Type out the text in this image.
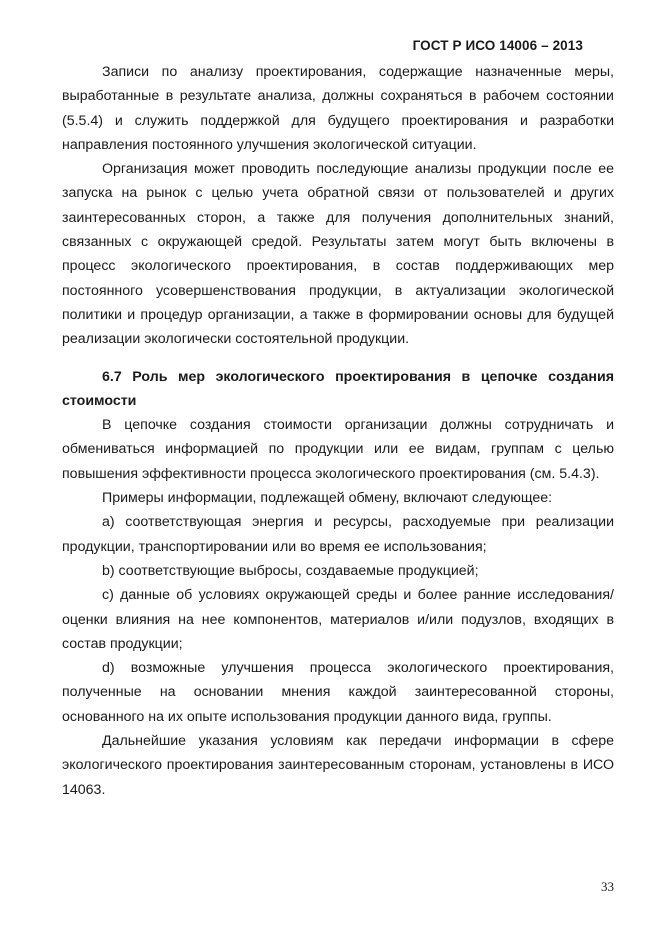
ГОСТ Р ИСО 14006 – 2013

Записи по анализу проектирования, содержащие назначенные меры, выработанные в результате анализа, должны сохраняться в рабочем состоянии (5.5.4) и служить поддержкой для будущего проектирования и разработки направления постоянного улучшения экологической ситуации.

Организация может проводить последующие анализы продукции после ее запуска на рынок с целью учета обратной связи от пользователей и других заинтересованных сторон, а также для получения дополнительных знаний, связанных с окружающей средой. Результаты затем могут быть включены в процесс экологического проектирования, в состав поддерживающих мер постоянного усовершенствования продукции, в актуализации экологической политики и процедур организации, а также в формировании основы для будущей реализации экологически состоятельной продукции.

6.7 Роль мер экологического проектирования в цепочке создания стоимости

В цепочке создания стоимости организации должны сотрудничать и обмениваться информацией по продукции или ее видам, группам с целью повышения эффективности процесса экологического проектирования (см. 5.4.3).

Примеры информации, подлежащей обмену, включают следующее:

a) соответствующая энергия и ресурсы, расходуемые при реализации продукции, транспортировании или во время ее использования;

b) соответствующие выбросы, создаваемые продукцией;

c) данные об условиях окружающей среды и более ранние исследования/оценки влияния на нее компонентов, материалов и/или подузлов, входящих в состав продукции;

d) возможные улучшения процесса экологического проектирования, полученные на основании мнения каждой заинтересованной стороны, основанного на их опыте использования продукции данного вида, группы.

Дальнейшие указания условиям как передачи информации в сфере экологического проектирования заинтересованным сторонам, установлены в ИСО 14063.

33
